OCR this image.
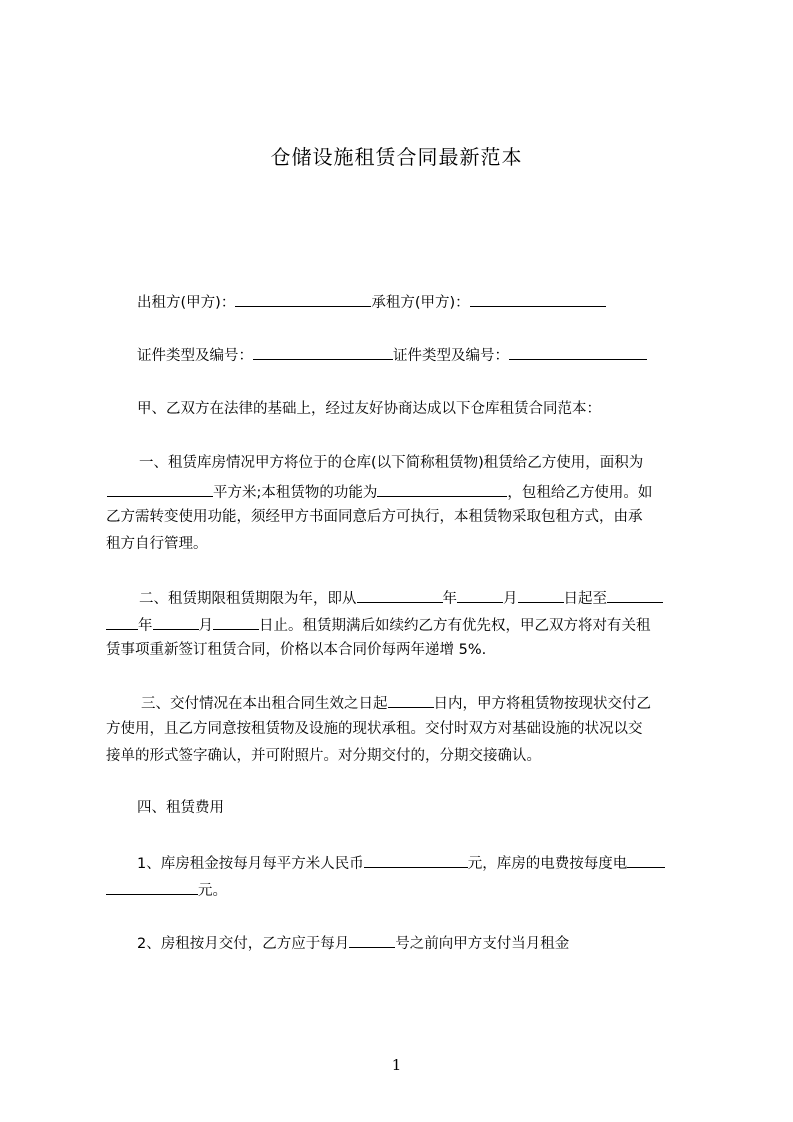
仓储设施租赁合同最新范本
出租方(甲方)：	承租方(甲方)：
证件类型及编号：	证件类型及编号：
甲、乙双方在法律的基础上，经过友好协商达成以下仓库租赁合同范本：
一、租赁库房情况甲方将位于的仓库(以下简称租赁物)租赁给乙方使用，面积为
平方米;本租赁物的功能为	，包租给乙方使用。如
乙方需转变使用功能，须经甲方书面同意后方可执行，本租赁物采取包租方式，由承
租方自行管理。
二、租赁期限租赁期限为年，即从	年	月	日起至
年	月	日止。租赁期满后如续约乙方有优先权，甲乙双方将对有关租
赁事项重新签订租赁合同，价格以本合同价每两年递增 5%.
三、交付情况在本出租合同生效之日起	日内，甲方将租赁物按现状交付乙
方使用，且乙方同意按租赁物及设施的现状承租。交付时双方对基础设施的状况以交
接单的形式签字确认，并可附照片。对分期交付的，分期交接确认。
四、租赁费用
1、库房租金按每月每平方米人民币	元，库房的电费按每度电
元。
2、房租按月交付，乙方应于每月	号之前向甲方支付当月租金
1
